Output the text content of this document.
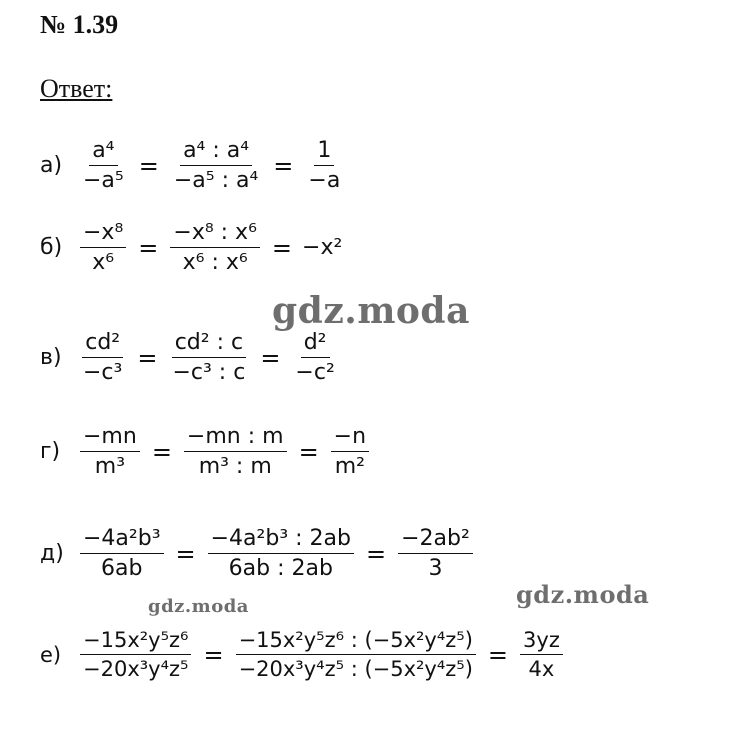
№ 1.39
Ответ:
$а) \frac{\text{a⁴}}{\text{−a⁵}} = \frac{\text{a⁴ : a⁴}}{\text{−a⁵ : a⁴}} = \frac{1}{-a}$
$б) \frac{\text{−x⁸}}{\text{x⁶}} = \frac{\text{−x⁸ : x⁶}}{\text{x⁶ : x⁶}} = -x^2$
$в) \frac{\text{cd²}}{\text{−c³}} = \frac{\text{cd² : c}}{\text{−c³ : c}} = \frac{\text{d²}}{\text{−c²}}$
$г) \frac{-mn}{\text{m³}} = \frac{-mn : m}{\text{m³ : m}} = \frac{-n}{\text{m²}}$
$д) \frac{\text{−4a²b³}}{6ab} = \frac{\text{−4a²b³ : 2ab}}{6ab : 2ab} = \frac{\text{−2ab²}}{3}$
$е) \frac{\text{−15x²y⁵z⁶}}{\text{−20x³y⁴z⁵}} = \frac{\text{−15x²y⁵z⁶ : (−5x²y⁴z⁵)}}{\text{−20x³y⁴z⁵ : (−5x²y⁴z⁵)}} = \frac{3yz}{4x}$
gdz.moda
gdz.moda	gdz.moda
